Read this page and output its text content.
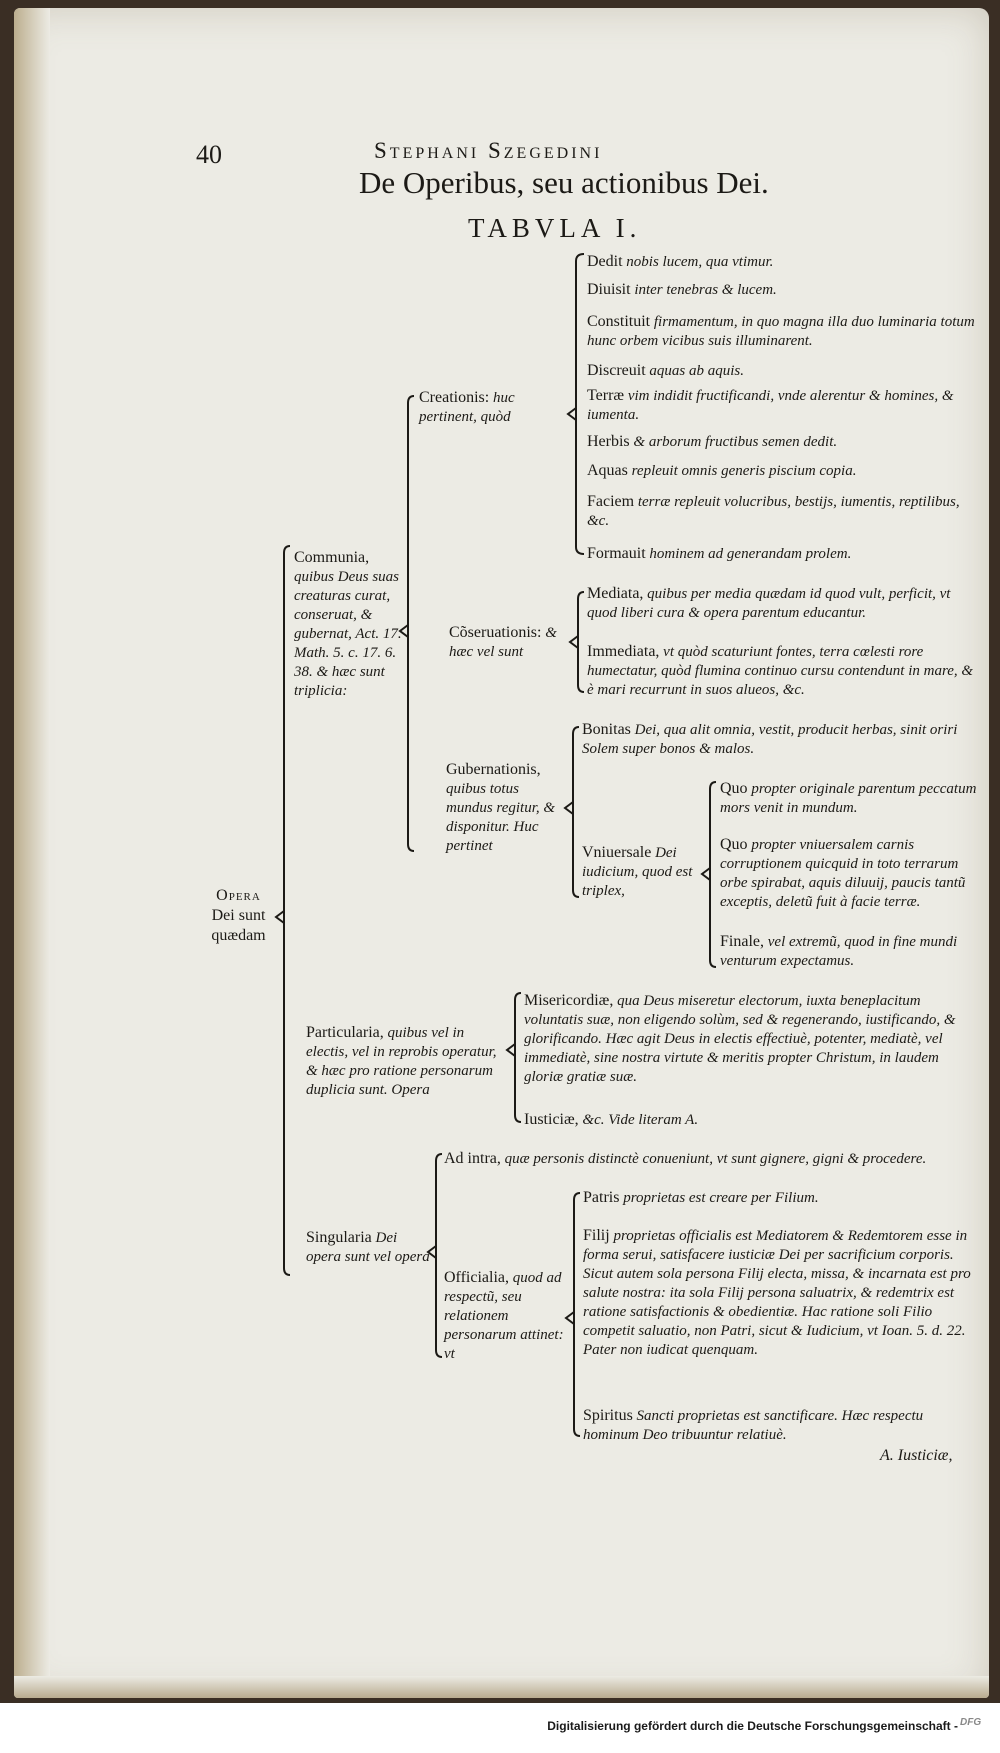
40	Stephani Szegedini
De Operibus, seu actionibus Dei.
TABVLA I.
Opera
Dei sunt quædam
Communia, quibus Deus suas creaturas curat, conseruat, & gubernat, Act. 17. Math. 5. c. 17. 6. 38. & hæc sunt triplicia:
Creationis: huc pertinent, quòd
Dedit nobis lucem, qua vtimur.
Diuisit inter tenebras & lucem.
Constituit firmamentum, in quo magna illa duo luminaria totum hunc orbem vicibus suis illuminarent.
Discreuit aquas ab aquis.
Terræ vim indidit fructificandi, vnde alerentur & homines, & iumenta.
Herbis & arborum fructibus semen dedit.
Aquas repleuit omnis generis piscium copia.
Faciem terræ repleuit volucribus, bestijs, iumentis, reptilibus, &c.
Formauit hominem ad generandam prolem.
Cõseruationis: & hæc vel sunt
Mediata, quibus per media quædam id quod vult, perficit, vt quod liberi cura & opera parentum educantur.
Immediata, vt quòd scaturiunt fontes, terra cœlesti rore humectatur, quòd flumina continuo cursu contendunt in mare, & è mari recurrunt in suos alueos, &c.
Gubernationis, quibus totus mundus regitur, & disponitur. Huc pertinet
Bonitas Dei, qua alit omnia, vestit, producit herbas, sinit oriri Solem super bonos & malos.
Vniuersale Dei iudicium, quod est triplex,
Quo propter originale parentum peccatum mors venit in mundum.
Quo propter vniuersalem carnis corruptionem quicquid in toto terrarum orbe spirabat, aquis diluuij, paucis tantũ exceptis, deletũ fuit à facie terræ.
Finale, vel extremũ, quod in fine mundi venturum expectamus.
Particularia, quibus vel in electis, vel in reprobis operatur, & hæc pro ratione personarum duplicia sunt. Opera
Misericordiæ, qua Deus miseretur electorum, iuxta beneplacitum voluntatis suæ, non eligendo solùm, sed & regenerando, iustificando, & glorificando. Hæc agit Deus in electis effectiuè, potenter, mediatè, vel immediatè, sine nostra virtute & meritis propter Christum, in laudem gloriæ gratiæ suæ.
Iusticiæ, &c. Vide literam A.
Singularia Dei opera sunt vel opera
Ad intra, quæ personis distinctè conueniunt, vt sunt gignere, gigni & procedere.
Officialia, quod ad respectũ, seu relationem personarum attinet: vt
Patris proprietas est creare per Filium.
Filij proprietas officialis est Mediatorem & Redemtorem esse in forma serui, satisfacere iusticiæ Dei per sacrificium corporis. Sicut autem sola persona Filij electa, missa, & incarnata est pro salute nostra: ita sola Filij persona saluatrix, & redemtrix est ratione satisfactionis & obedientiæ. Hac ratione soli Filio competit saluatio, non Patri, sicut & Iudicium, vt Ioan. 5. d. 22. Pater non iudicat quenquam.
Spiritus Sancti proprietas est sanctificare. Hæc respectu hominum Deo tribuuntur relatiuè.
A. Iusticiæ,
Digitalisierung gefördert durch die Deutsche Forschungsgemeinschaft - DFG
